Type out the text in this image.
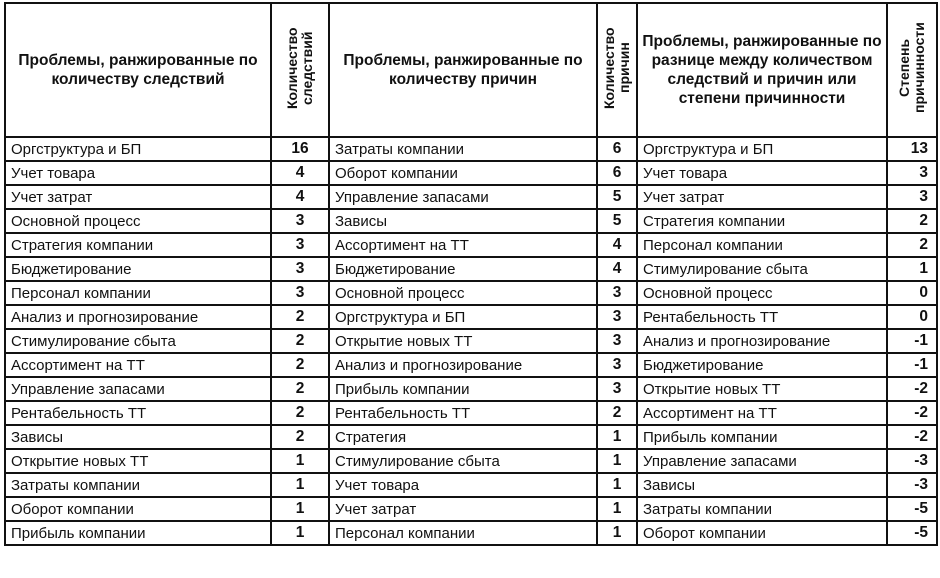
Проблемы, ранжированные по количеству следствий	Количество следствий	Проблемы, ранжированные по количеству причин	Количество причин	Проблемы, ранжированные по разнице между количеством следствий и причин или степени причинности	Степень причинности
Оргструктура и БП	16	Затраты компании	6	Оргструктура и БП	13
Учет товара	4	Оборот компании	6	Учет товара	3
Учет затрат	4	Управление запасами	5	Учет затрат	3
Основной процесс	3	Зависы	5	Стратегия компании	2
Стратегия компании	3	Ассортимент на ТТ	4	Персонал компании	2
Бюджетирование	3	Бюджетирование	4	Стимулирование сбыта	1
Персонал компании	3	Основной процесс	3	Основной процесс	0
Анализ и прогнозирование	2	Оргструктура и БП	3	Рентабельность ТТ	0
Стимулирование сбыта	2	Открытие новых ТТ	3	Анализ и прогнозирование	-1
Ассортимент на ТТ	2	Анализ и прогнозирование	3	Бюджетирование	-1
Управление запасами	2	Прибыль компании	3	Открытие новых ТТ	-2
Рентабельность ТТ	2	Рентабельность ТТ	2	Ассортимент на ТТ	-2
Зависы	2	Стратегия	1	Прибыль компании	-2
Открытие новых ТТ	1	Стимулирование сбыта	1	Управление запасами	-3
Затраты компании	1	Учет товара	1	Зависы	-3
Оборот компании	1	Учет затрат	1	Затраты компании	-5
Прибыль компании	1	Персонал компании	1	Оборот компании	-5
